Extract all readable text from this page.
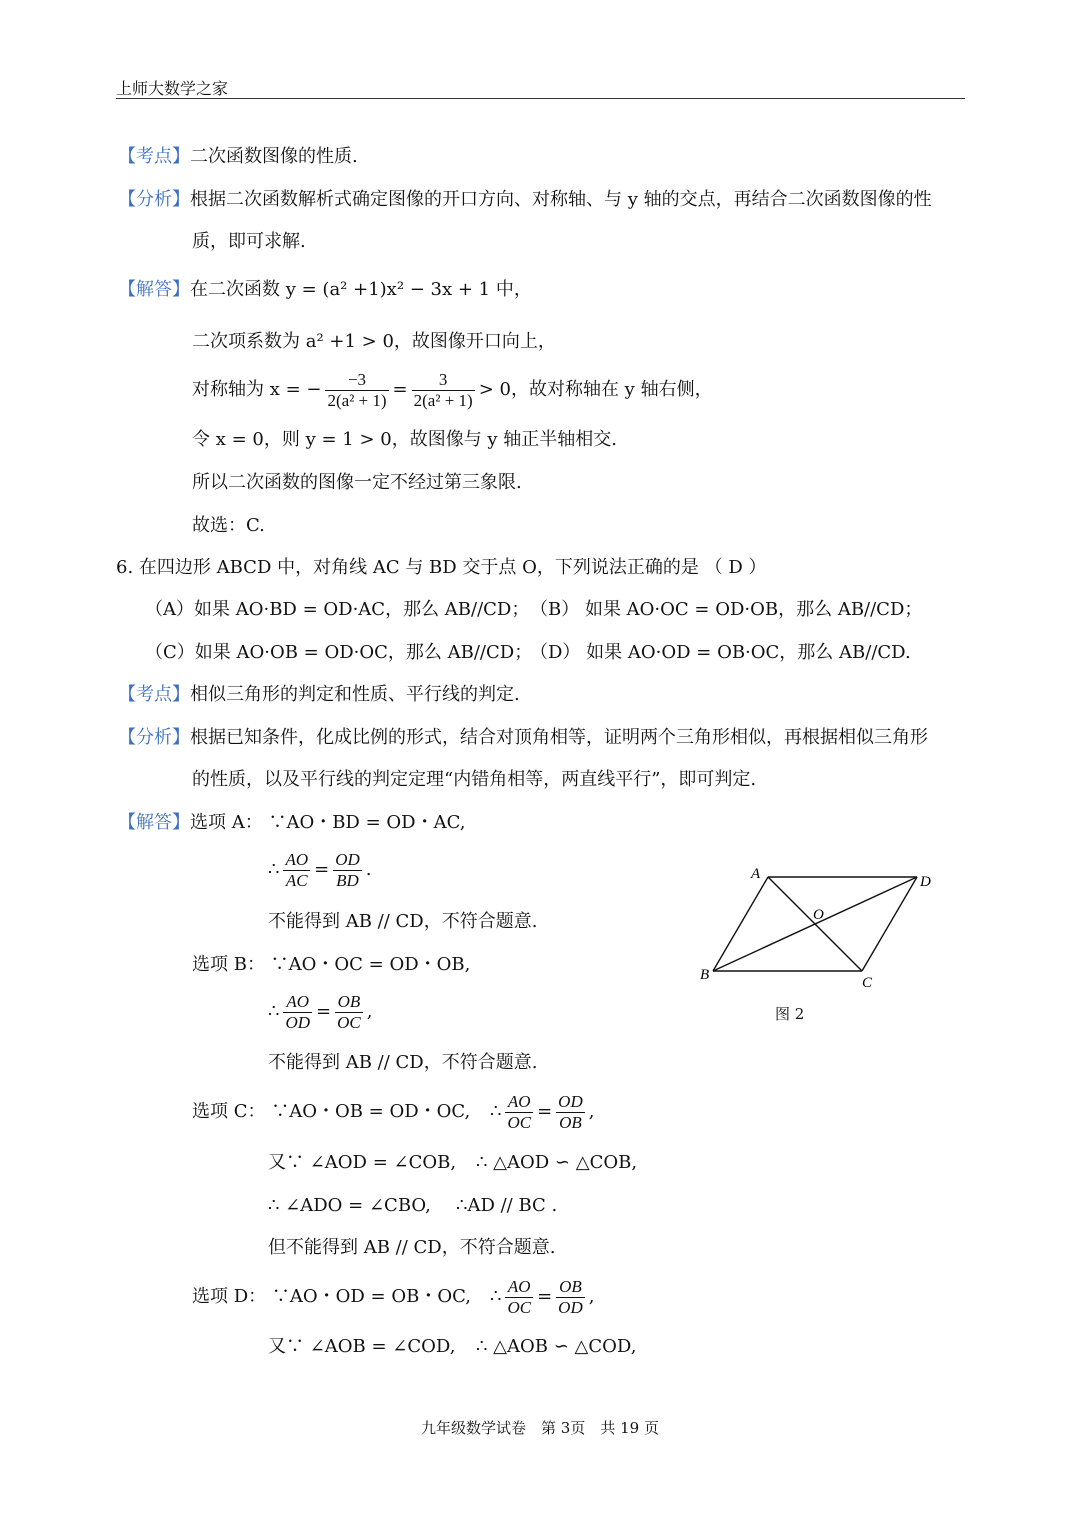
上师大数学之家
【考点】二次函数图像的性质.
【分析】根据二次函数解析式确定图像的开口方向、对称轴、与 y 轴的交点，再结合二次函数图像的性
质，即可求解.
【解答】在二次函数 y = (a² +1)x² − 3x + 1 中，
二次项系数为 a² +1 > 0，故图像开口向上，
对称轴为 x = − $\frac{-3}{\text{2(a² + 1)}} = \frac{3}{\text{2(a² + 1)}} > 0$，故对称轴在 y 轴右侧，
令 x = 0，则 y = 1 > 0，故图像与 y 轴正半轴相交.
所以二次函数的图像一定不经过第三象限.
故选：C.
6. 在四边形 ABCD 中，对角线 AC 与 BD 交于点 O，下列说法正确的是 （ D ）
（A）如果 AO·BD = OD·AC，那么 AB//CD； （B） 如果 AO·OC = OD·OB，那么 AB//CD；
（C）如果 AO·OB = OD·OC，那么 AB//CD；
（D） 如果 AO·OD = OB·OC，那么 AB//CD.
【考点】相似三角形的判定和性质、平行线的判定.
【分析】根据已知条件，化成比例的形式，结合对顶角相等，证明两个三角形相似，再根据相似三角形
的性质，以及平行线的判定定理“内错角相等，两直线平行”，即可判定.
【解答】选项 A： ∵AO・BD = OD・AC,
∴ $\frac{AO}{AC} = \frac{OD}{BD}$ .
不能得到 AB // CD，不符合题意.
选项 B： ∵AO・OC = OD・OB,
∴ $\frac{AO}{OD} = \frac{OB}{OC}$ ,
不能得到 AB // CD，不符合题意.
选项 C： ∵AO・OB = OD・OC, ∴ $\frac{AO}{OC} = \frac{OD}{OB}$ ,
又∵ ∠AOD = ∠COB, ∴ △AOD ∽ △COB,
∴ ∠ADO = ∠CBO, ∴AD // BC .
但不能得到 AB // CD，不符合题意.
选项 D： ∵AO・OD = OB・OC, ∴ $\frac{AO}{OC} = \frac{OB}{OD}$ ,
又∵ ∠AOB = ∠COD, ∴ △AOB ∽ △COD,
A	D
O
B	C
图 2
九年级数学试卷　第 3页　共 19 页
